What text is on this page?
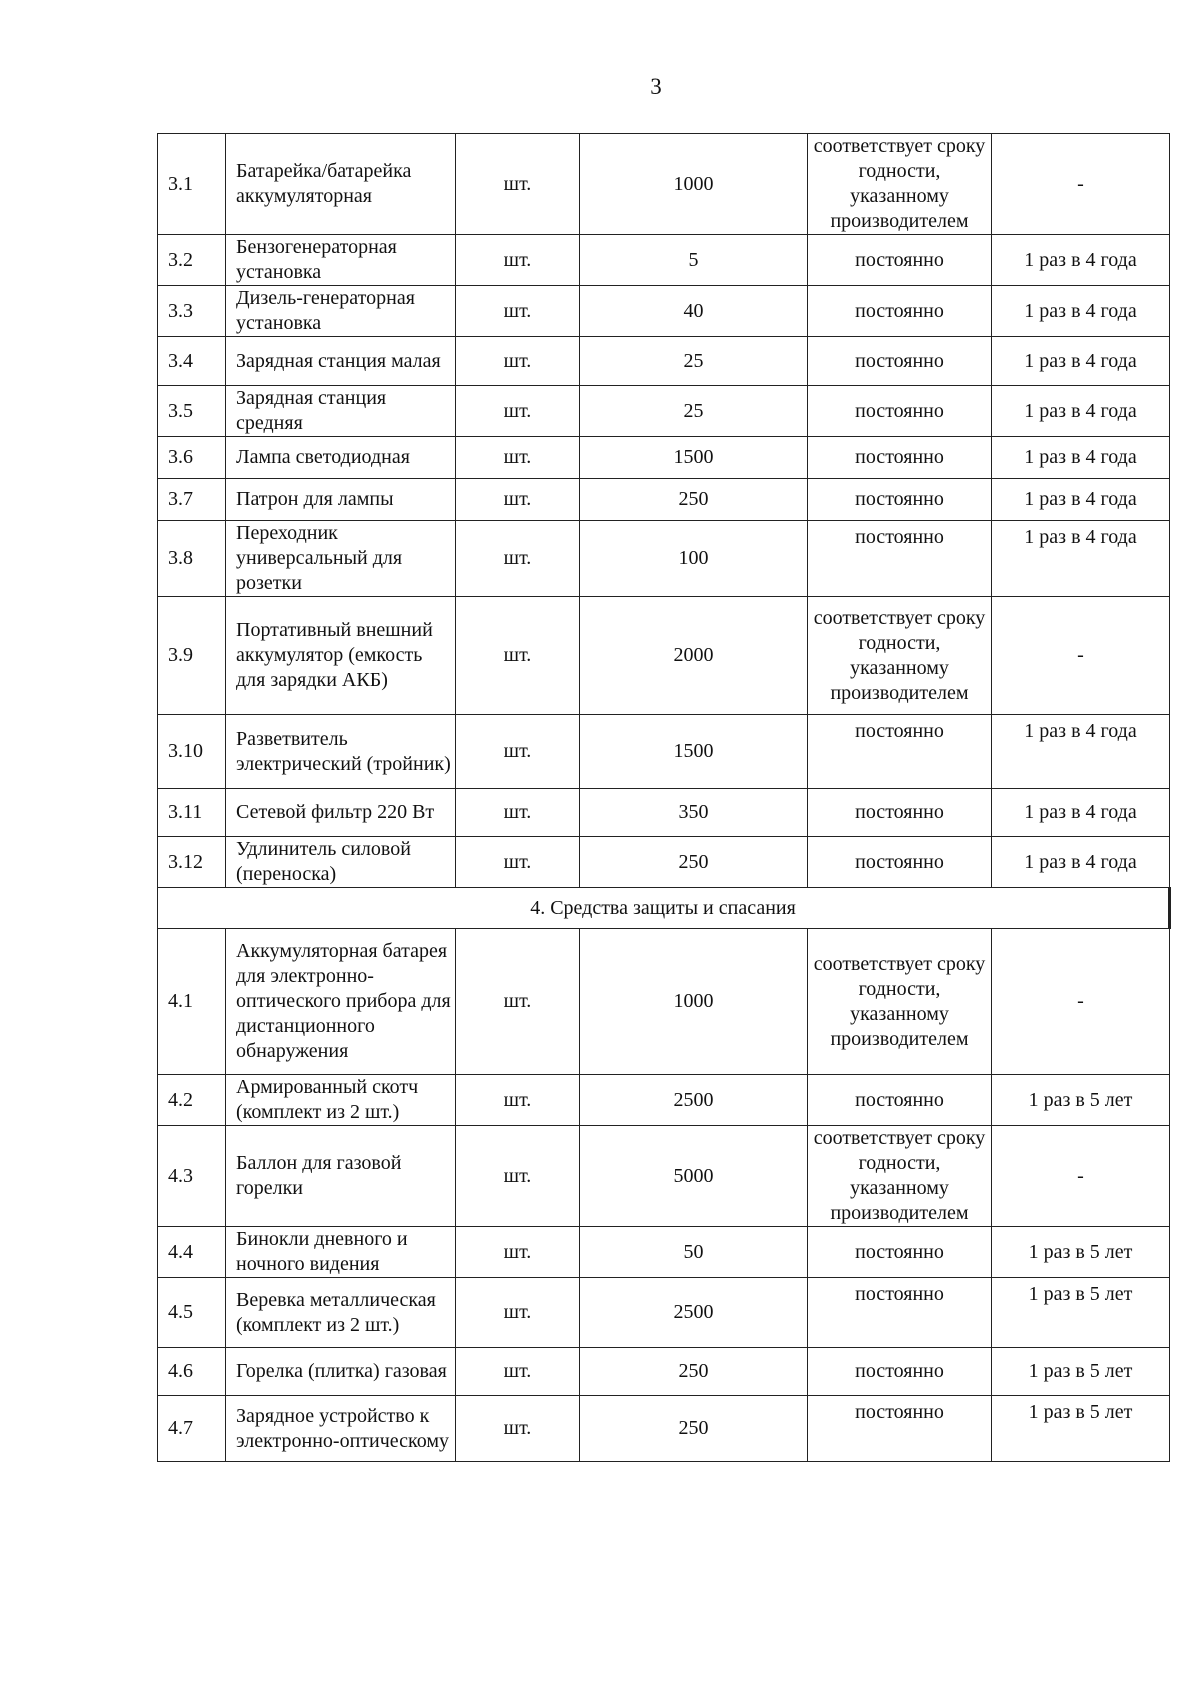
3
3.1	Батарейка/батарейка аккумуляторная	шт.	1000	соответствует сроку годности, указанному производителем	-
3.2	Бензогенераторная установка	шт.	5	постоянно	1 раз в 4 года
3.3	Дизель-генераторная установка	шт.	40	постоянно	1 раз в 4 года
3.4	Зарядная станция малая	шт.	25	постоянно	1 раз в 4 года
3.5	Зарядная станция средняя	шт.	25	постоянно	1 раз в 4 года
3.6	Лампа светодиодная	шт.	1500	постоянно	1 раз в 4 года
3.7	Патрон для лампы	шт.	250	постоянно	1 раз в 4 года
3.8	Переходник универсальный для розетки	шт.	100	постоянно	1 раз в 4 года
3.9	Портативный внешний аккумулятор (емкость для зарядки АКБ)	шт.	2000	соответствует сроку годности, указанному производителем	-
3.10	Разветвитель электрический (тройник)	шт.	1500	постоянно	1 раз в 4 года
3.11	Сетевой фильтр 220 Вт	шт.	350	постоянно	1 раз в 4 года
3.12	Удлинитель силовой (переноска)	шт.	250	постоянно	1 раз в 4 года
4. Средства защиты и спасания					
4.1	Аккумуляторная батарея для электронно-оптического прибора для дистанционного обнаружения	шт.	1000	соответствует сроку годности, указанному производителем	-
4.2	Армированный скотч (комплект из 2 шт.)	шт.	2500	постоянно	1 раз в 5 лет
4.3	Баллон для газовой горелки	шт.	5000	соответствует сроку годности, указанному производителем	-
4.4	Бинокли дневного и ночного видения	шт.	50	постоянно	1 раз в 5 лет
4.5	Веревка металлическая (комплект из 2 шт.)	шт.	2500	постоянно	1 раз в 5 лет
4.6	Горелка (плитка) газовая	шт.	250	постоянно	1 раз в 5 лет
4.7	Зарядное устройство к электронно-оптическому	шт.	250	постоянно	1 раз в 5 лет
